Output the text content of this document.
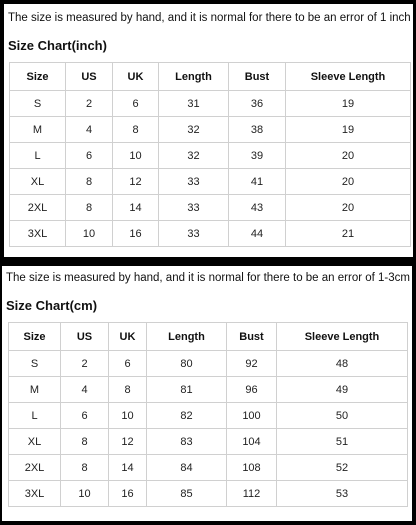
The size is measured by hand, and it is normal for there to be an error of 1 inch
Size Chart(inch)
Size	US	UK	Length	Bust	Sleeve Length
S	2	6	31	36	19
M	4	8	32	38	19
L	6	10	32	39	20
XL	8	12	33	41	20
2XL	8	14	33	43	20
3XL	10	16	33	44	21
The size is measured by hand, and it is normal for there to be an error of 1-3cm
Size Chart(cm)
Size	US	UK	Length	Bust	Sleeve Length
S	2	6	80	92	48
M	4	8	81	96	49
L	6	10	82	100	50
XL	8	12	83	104	51
2XL	8	14	84	108	52
3XL	10	16	85	112	53
